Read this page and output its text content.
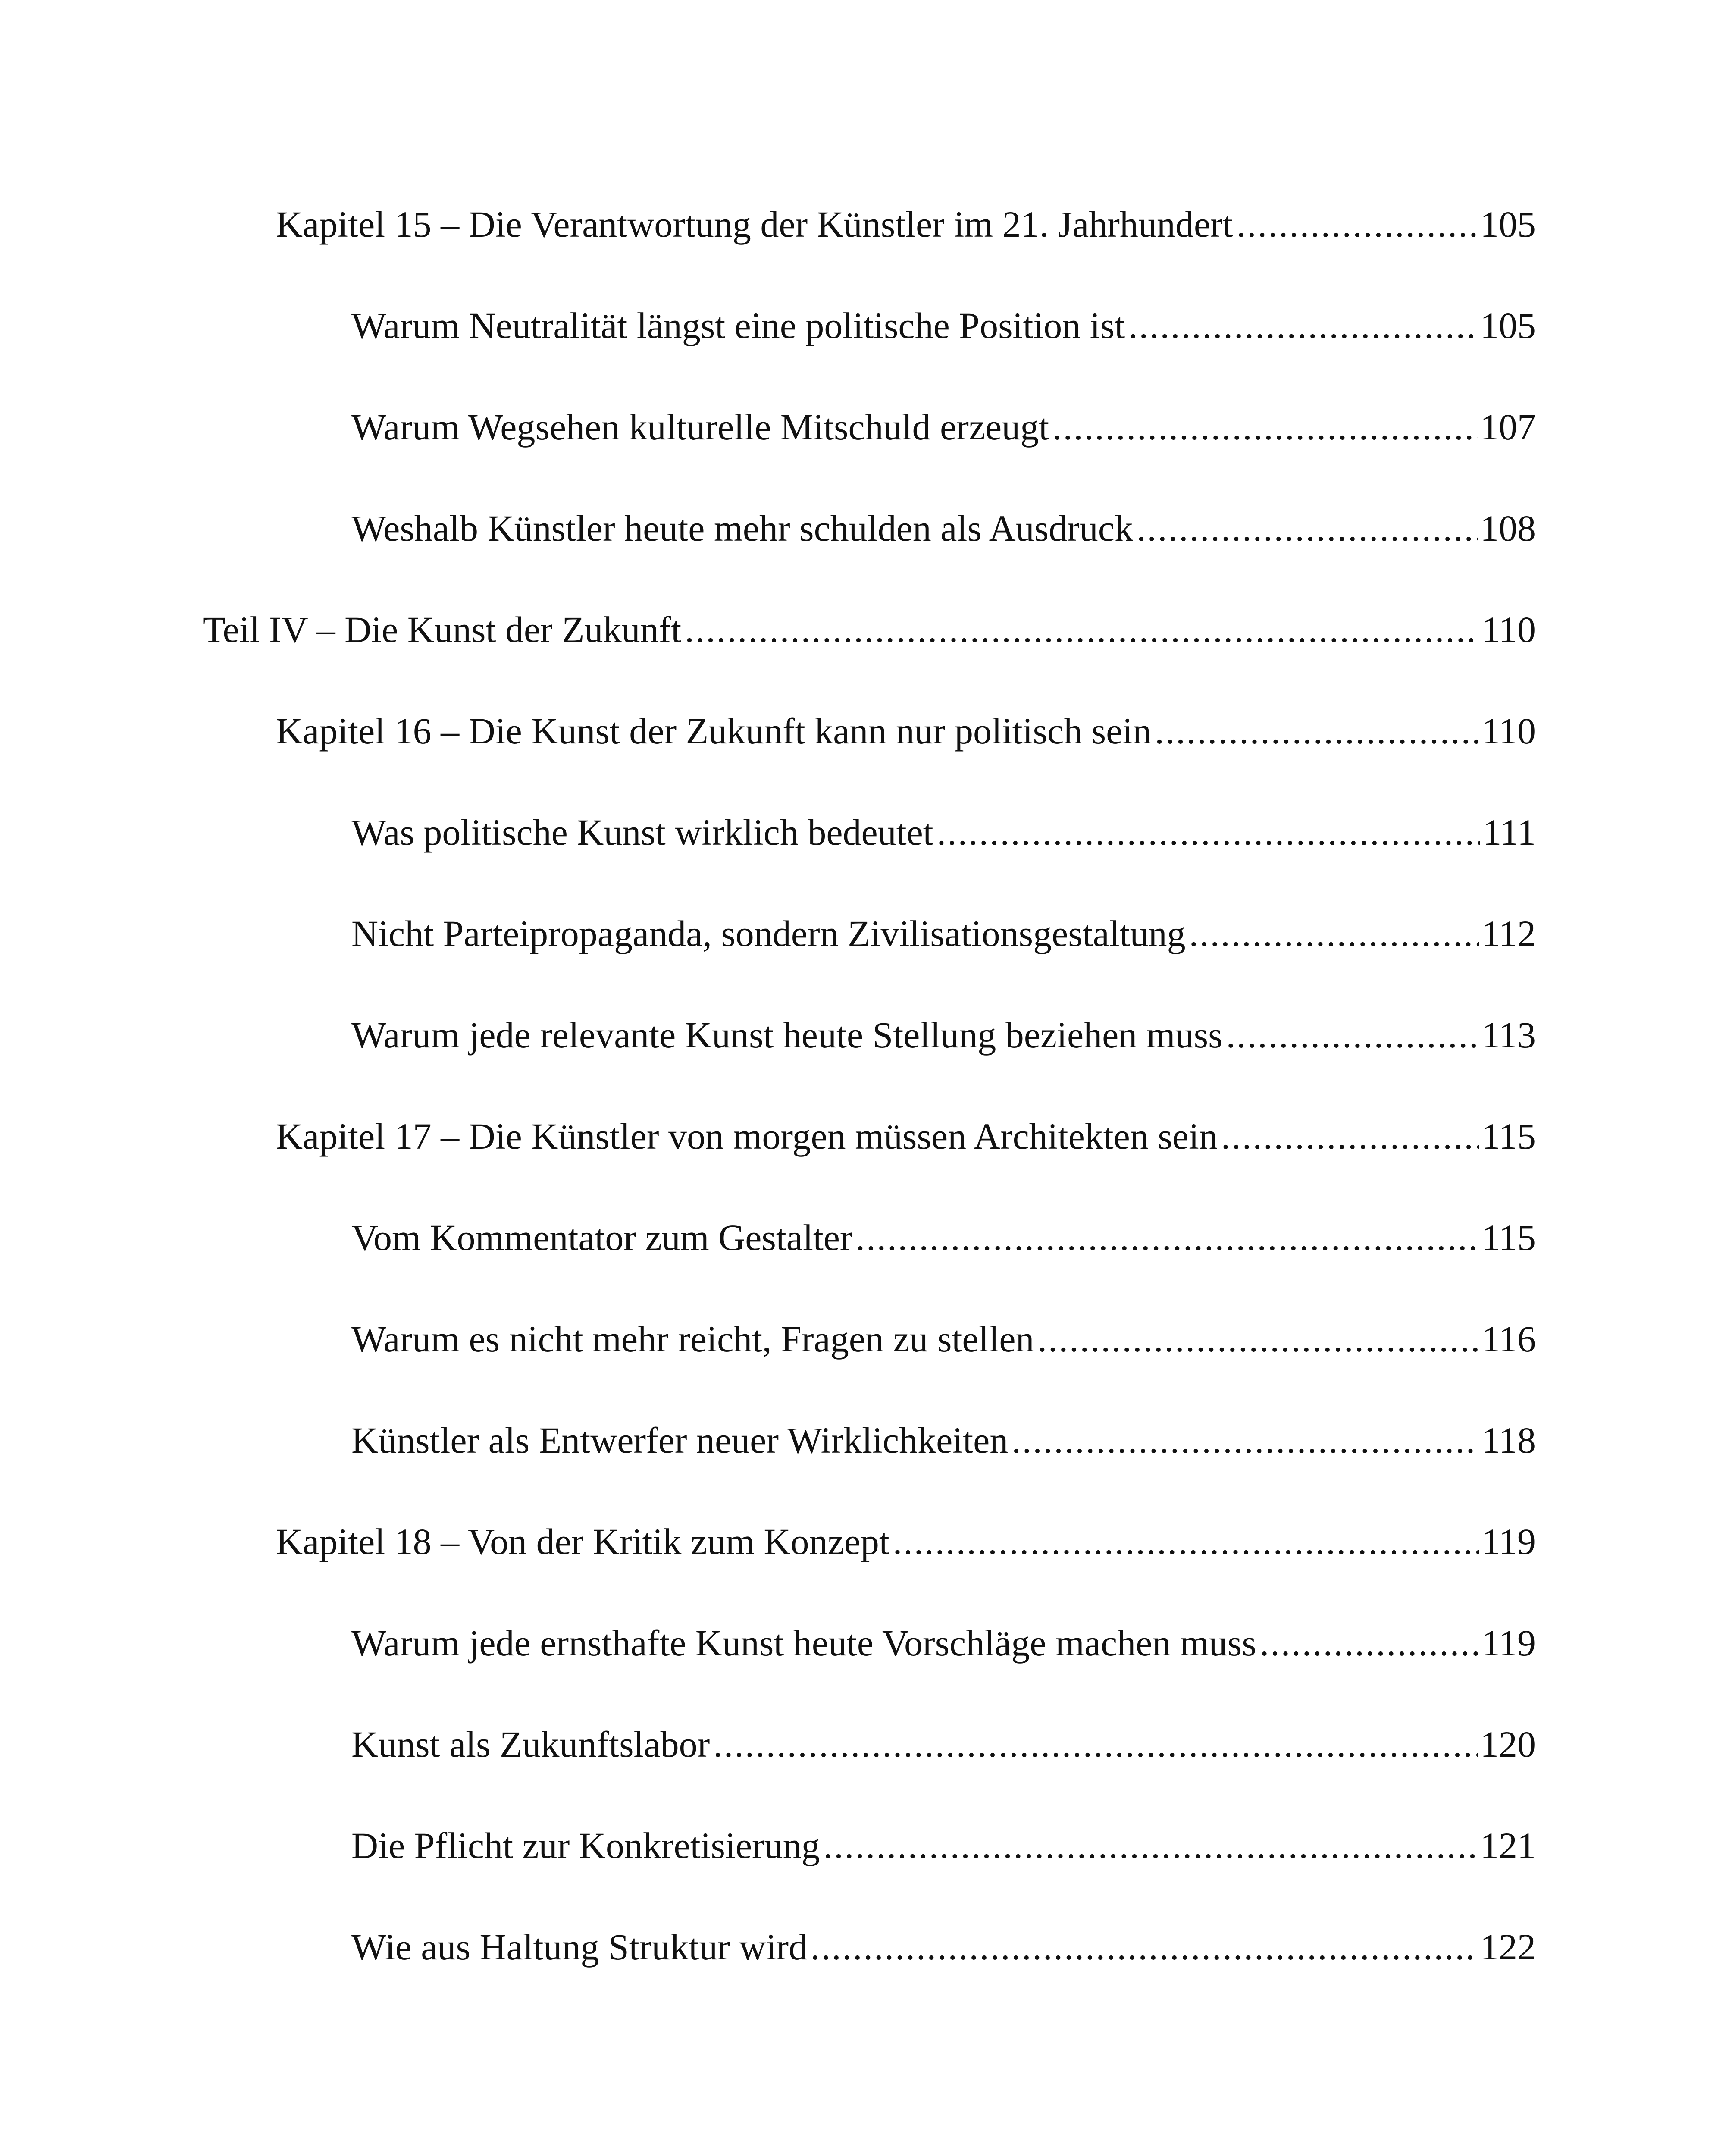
Kapitel 15 – Die Verantwortung der Künstler im 21. Jahrhundert .....	105
Warum Neutralität längst eine politische Position ist .....	105
Warum Wegsehen kulturelle Mitschuld erzeugt .....	107
Weshalb Künstler heute mehr schulden als Ausdruck .....	108
Teil IV – Die Kunst der Zukunft .....	110
Kapitel 16 – Die Kunst der Zukunft kann nur politisch sein .....	110
Was politische Kunst wirklich bedeutet .....	111
Nicht Parteipropaganda, sondern Zivilisationsgestaltung .....	112
Warum jede relevante Kunst heute Stellung beziehen muss .....	113
Kapitel 17 – Die Künstler von morgen müssen Architekten sein .....	115
Vom Kommentator zum Gestalter .....	115
Warum es nicht mehr reicht, Fragen zu stellen .....	116
Künstler als Entwerfer neuer Wirklichkeiten .....	118
Kapitel 18 – Von der Kritik zum Konzept .....	119
Warum jede ernsthafte Kunst heute Vorschläge machen muss .....	119
Kunst als Zukunftslabor .....	120
Die Pflicht zur Konkretisierung .....	121
Wie aus Haltung Struktur wird .....	122
